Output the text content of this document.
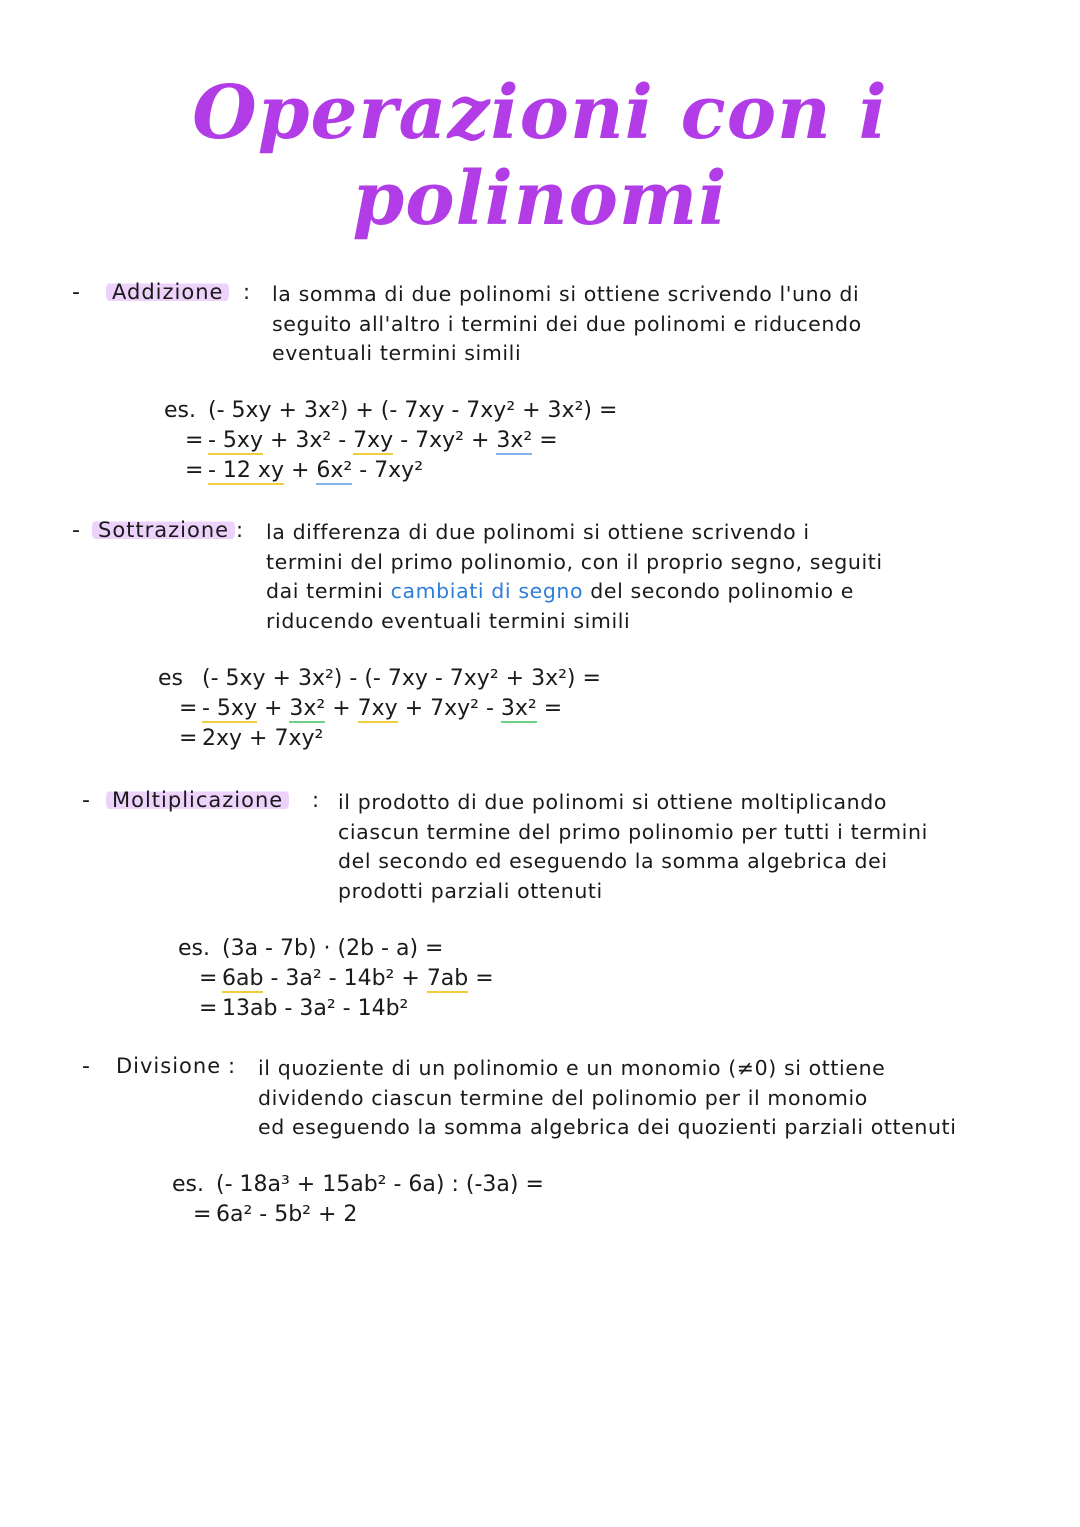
Operazioni con i polinomi
- Addizione : la somma di due polinomi si ottiene scrivendo l'uno di
seguito all'altro i termini dei due polinomi e riducendo
eventuali termini simili
es. (- 5xy + 3x²) + (- 7xy - 7xy² + 3x²) =
= - 5xy + 3x² - 7xy - 7xy² + 3x² =
= - 12 xy + 6x² - 7xy²
- Sottrazione : la differenza di due polinomi si ottiene scrivendo i
termini del primo polinomio, con il proprio segno, seguiti
dai termini cambiati di segno del secondo polinomio e
riducendo eventuali termini simili
es (- 5xy + 3x²) - (- 7xy - 7xy² + 3x²) =
= - 5xy + 3x² + 7xy + 7xy² - 3x² =
= 2xy + 7xy²
- Moltiplicazione : il prodotto di due polinomi si ottiene moltiplicando
ciascun termine del primo polinomio per tutti i termini
del secondo ed eseguendo la somma algebrica dei
prodotti parziali ottenuti
es. (3a - 7b) · (2b - a) =
= 6ab - 3a² - 14b² + 7ab =
= 13ab - 3a² - 14b²
- Divisione : il quoziente di un polinomio e un monomio (≠0) si ottiene
dividendo ciascun termine del polinomio per il monomio
ed eseguendo la somma algebrica dei quozienti parziali ottenuti
es. (- 18a³ + 15ab² - 6a) : (-3a) =
= 6a² - 5b² + 2
